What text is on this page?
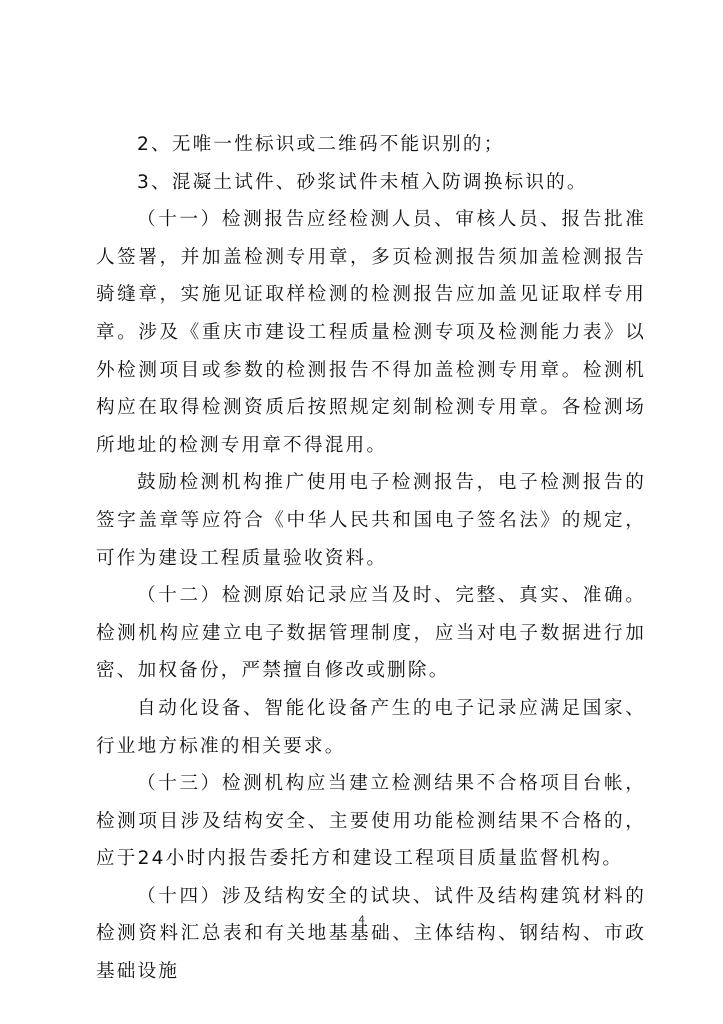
2、无唯一性标识或二维码不能识别的；

3、混凝土试件、砂浆试件未植入防调换标识的。

（十一）检测报告应经检测人员、审核人员、报告批准人签署，并加盖检测专用章，多页检测报告须加盖检测报告骑缝章，实施见证取样检测的检测报告应加盖见证取样专用章。涉及《重庆市建设工程质量检测专项及检测能力表》以外检测项目或参数的检测报告不得加盖检测专用章。检测机构应在取得检测资质后按照规定刻制检测专用章。各检测场所地址的检测专用章不得混用。

鼓励检测机构推广使用电子检测报告，电子检测报告的签字盖章等应符合《中华人民共和国电子签名法》的规定，可作为建设工程质量验收资料。

（十二）检测原始记录应当及时、完整、真实、准确。检测机构应建立电子数据管理制度，应当对电子数据进行加密、加权备份，严禁擅自修改或删除。

自动化设备、智能化设备产生的电子记录应满足国家、行业地方标准的相关要求。

（十三）检测机构应当建立检测结果不合格项目台帐，检测项目涉及结构安全、主要使用功能检测结果不合格的，应于24小时内报告委托方和建设工程项目质量监督机构。

（十四）涉及结构安全的试块、试件及结构建筑材料的检测资料汇总表和有关地基基础、主体结构、钢结构、市政基础设施

4
